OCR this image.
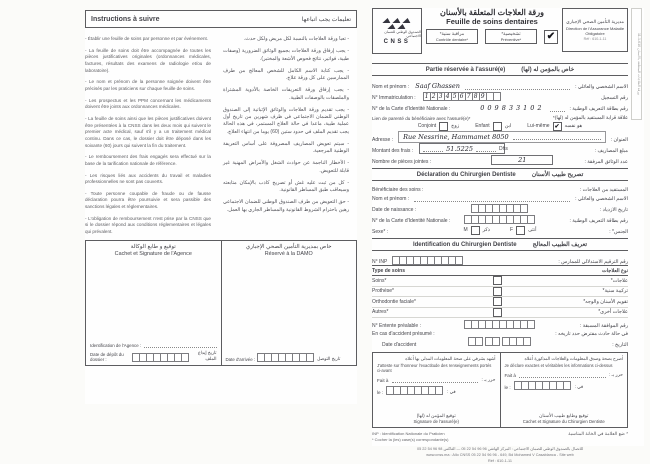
Instructions à suivre	تعليمات يجب اتباعها

- Établir une feuille de soins par personne et par événement.

- La feuille de soins doit être accompagnée de toutes les pièces justificatives originales (ordonnances médicales, factures, résultats des examens de radiologie et/ou de laboratoire).

- Le nom et prénom de la personne soignée doivent être précisés par les praticiens sur chaque feuille de soins.

- Les prospectus et les PPM concernant les médicaments doivent être joints aux ordonnances médicales.

- La feuille de soins ainsi que les pièces justificatives doivent être présentées à la CNSS dans les deux mois qui suivent le premier acte médical, sauf s'il y a un traitement médical continu. Dans ce cas, le dossier doit être déposé dans les soixante (60) jours qui suivent la fin du traitement.

- Le remboursement des frais engagés sera effectué sur la base de la tarification nationale de référence.

- Les risques liés aux accidents du travail et maladies professionnelles ne sont pas couverts.

- Toute personne coupable de fraude ou de fausse déclaration pourra être poursuivie et sera passible des sanctions légales et réglementaires.

- L'obligation de remboursement n'est prise par la CNSS que si le dossier répond aux conditions réglementaires et légales qui prévalent.

- تعبأ ورقة العلاجات بالنسبة لكل مريض ولكل حدث.

- يجب إرفاق ورقة العلاجات بجميع الوثائق الضرورية (وصفات طبية، فواتير، نتائج فحوص الأشعة والمختبر).

- يجب كتابة الاسم الكامل للشخص المعالج من طرف الممارسين على كل ورقة علاج.

- يجب إرفاق ورقة التعريفات الخاصة بالأدوية المشتراة والملصقات بالوصفات الطبية.

- يجب تقديم ورقة العلاجات والوثائق الإثباتية إلى الصندوق الوطني للضمان الاجتماعي في ظرف شهرين من تاريخ أول عملية طبية، ماعدا في حالة العلاج المستمر، في هذه الحالة يجب تقديم الملف في حدود ستين (60) يوما من انتهاء العلاج.

- سيتم تعويض المصاريف المصروفة على أساس التعريفة الوطنية المرجعية.

- الأخطار الناجمة عن حوادث الشغل والأمراض المهنية غير قابلة للتعويض.

- كل من ثبت عليه غش أو تصريح كاذب بالإمكان متابعته وسيعاقب طبق المساطر القانونية.

- حق التعويض من طرف الصندوق الوطني للضمان الاجتماعي رهين باحترام الشروط القانونية والمساطر الجاري بها العمل.

توقيع و طابع الوكالة
Cachet et Signature de l'Agence
Identification de l'Agence :
Date de dépôt du dossier :
تاريخ إيداع الملف
خاص بمديرية التأمين الصحي الإجباري
Réservé à la DAMO
Date d'arrivée :	تاريخ التوصل
ورقة العلاجات المتعلقة بالأسنان 610-1-11
الصندوق الوطني للضمان الاجتماعي
CNSS
ورقة العلاجات المتعلقة بالأسنان
Feuille de soins dentaires
مراقبة سنية*
Contrôle dentaire*
تشخيصية*
Préventive*	✔
مديرية التأمين الصحي الإجباري
Direction de l'Assurance Maladie Obligatoire
Réf : 610-1-11
Partie réservée à l'assuré(e)	خاص بالمؤمن له (لها)
Nom et prénom : Saaf Ghassen	الاسم الشخصي والعائلي :
N° Immatriculation :	1 2 3 4 5 6 7 8 9	رقم التسجيل
N° de la Carte d'Identité Nationale :	009833102	رقم بطاقة التعريف الوطنية :
Lien de parenté du bénéficiaire avec l'assuré(e)*	علاقة قرابة المستفيد بالمؤمن له (لها)*
Conjoint	زوج	Enfant	ابن	Lui-même ✔ هو نفسه
Adresse : Rue Nessrine, Hammamet 8050	العنوان :
Montant des frais :	51.5225	Dhs	مبلغ المصاريف :
Nombre de pièces jointes :	21	عدد الوثائق المرفقة :
Déclaration du Chirurgien Dentiste	تصريح طبيب الأسنان
Bénéficiaire des soins :	المستفيد من العلاجات :
Nom et prénom :	الاسم الشخصي والعائلي :
Date de naissance :	تاريخ الازدياد :
N° de la Carte d'Identité Nationale :	رقم بطاقة التعريف الوطنية :
Sexe* :	M	ذكر	F	أنثى	الجنس* :
Identification du Chirurgien Dentiste	تعريف الطبيب المعالج
N° INP	رقم الترقيم الاستدلالي للممارس :
Type de soins	نوع العلاجات
Soins*	علاجات*
Prothèse*	تركيبة سنية*
Orthodontie faciale*	تقويم الأسنان والوجه*
Autres*	علاجات أخرى*
N° Entente préalable :	رقم الموافقة المسبقة :
En cas d'accident présumé :	في حالة حادث مفترض حدد تاريخه :
Date d'accident	التاريخ :
أشهد بشرفي على صحة المعلومات المدلى بها أعلاه
J'atteste sur l'honneur l'exactitude des renseignements portés ci-avant
Fait à	حرر بـ :
le :	في :
توقيع المؤمن له (لها)
Signature de l'assuré(e)
أصرح بصحة وصدق المعلومات والعلاجات المذكورة أعلاه
Je déclare exactes et véritables les informations ci-dessus
Fait à	حرر بـ :
le :	في :
توقيع وطابع طبيب الأسنان
Cachet et Signature du Chirurgien Dentiste
INP : Identification Nationale du Praticien
* Cocher la (les) case(s) correspondante(s)
* ضع العلامة في الخانة المناسبة
للاتصال بالصندوق الوطني للضمان الاجتماعي : المركز الهاتفي 96 96 54 22 05 — الفاكس 98 96 54 22 05
www.cnss.ma : Allo CNSS 05 22 54 96 96 - 649, Bd Mohamed V Casablanca - Site web
Réf : 610-1-11
